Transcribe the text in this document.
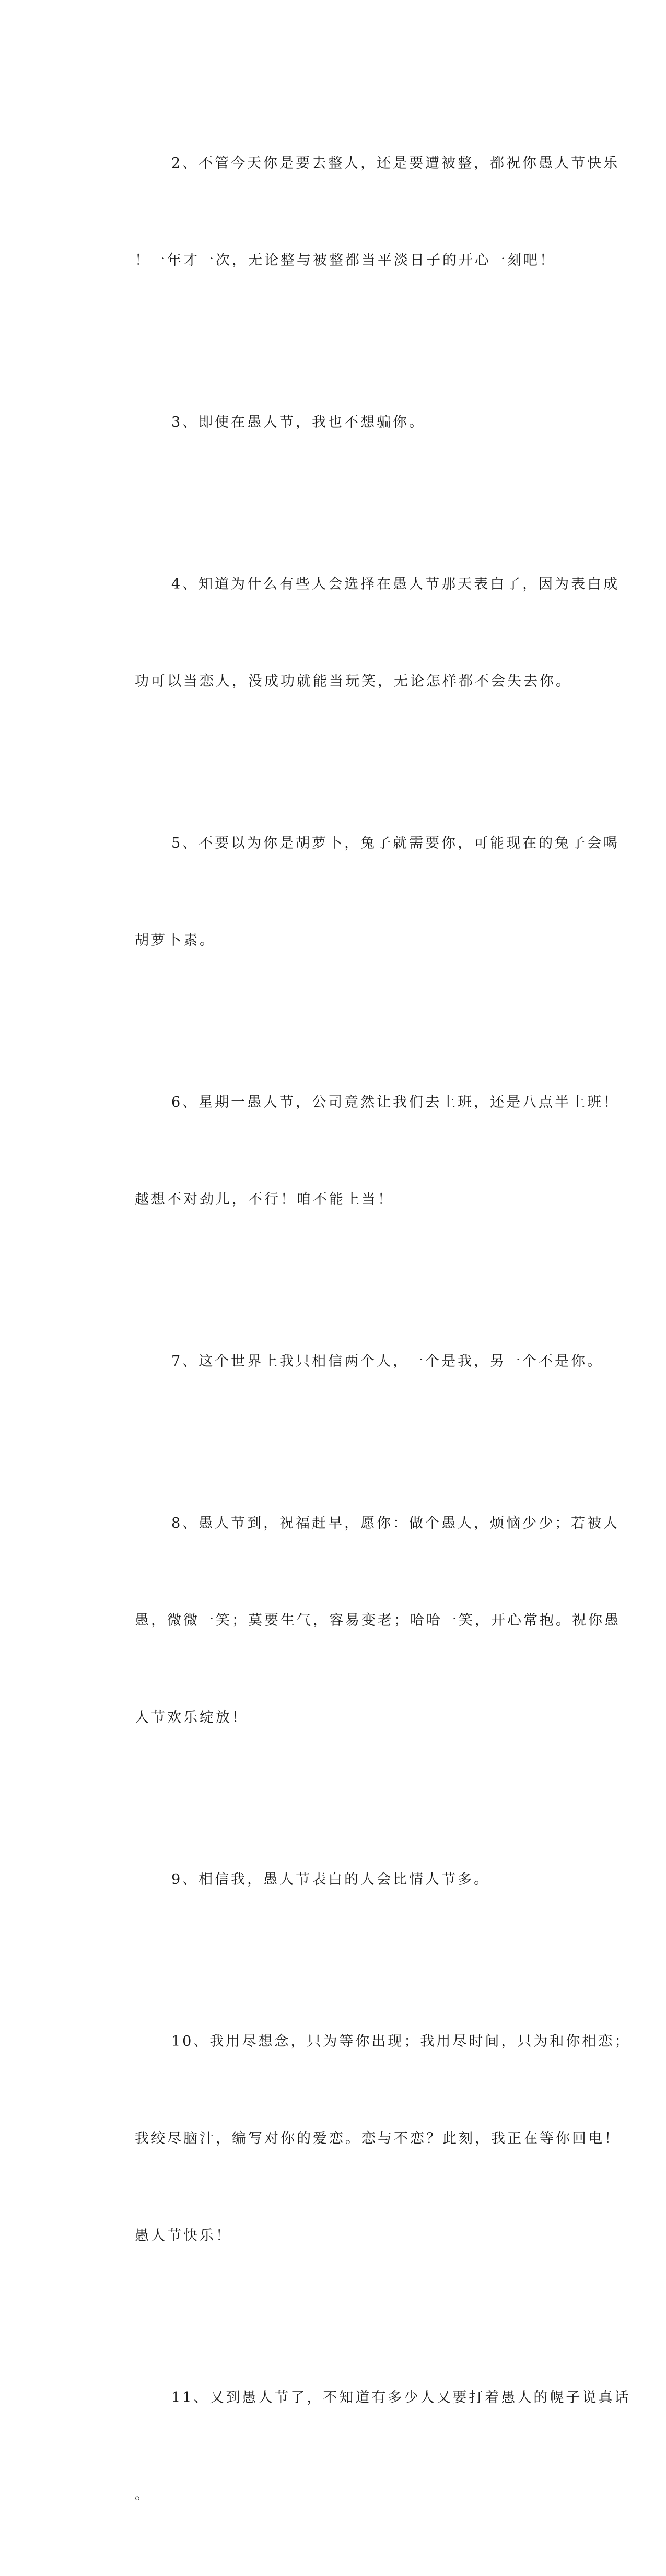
2、不管今天你是要去整人，还是要遭被整，都祝你愚人节快乐

！一年才一次，无论整与被整都当平淡日子的开心一刻吧！

3、即使在愚人节，我也不想骗你。

4、知道为什么有些人会选择在愚人节那天表白了，因为表白成

功可以当恋人，没成功就能当玩笑，无论怎样都不会失去你。

5、不要以为你是胡萝卜，兔子就需要你，可能现在的兔子会喝

胡萝卜素。

6、星期一愚人节，公司竟然让我们去上班，还是八点半上班！

越想不对劲儿，不行！咱不能上当！

7、这个世界上我只相信两个人，一个是我，另一个不是你。

8、愚人节到，祝福赶早，愿你：做个愚人，烦恼少少；若被人

愚，微微一笑；莫要生气，容易变老；哈哈一笑，开心常抱。祝你愚

人节欢乐绽放！

9、相信我，愚人节表白的人会比情人节多。

10、我用尽想念，只为等你出现；我用尽时间，只为和你相恋；

我绞尽脑汁，编写对你的爱恋。恋与不恋？此刻，我正在等你回电！

愚人节快乐！

11、又到愚人节了，不知道有多少人又要打着愚人的幌子说真话

。
